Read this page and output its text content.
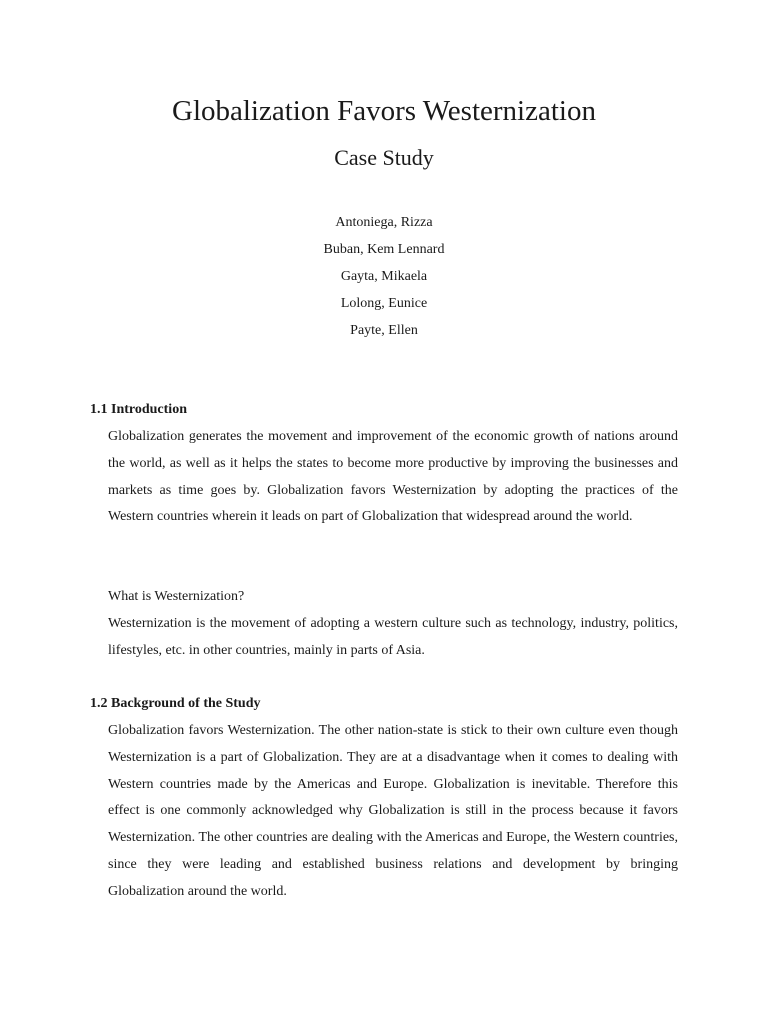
Globalization Favors Westernization
Case Study
Antoniega, Rizza
Buban, Kem Lennard
Gayta, Mikaela
Lolong, Eunice
Payte, Ellen
1.1 Introduction

Globalization generates the movement and improvement of the economic growth of nations around the world, as well as it helps the states to become more productive by improving the businesses and markets as time goes by. Globalization favors Westernization by adopting the practices of the Western countries wherein it leads on part of Globalization that widespread around the world.

What is Westernization?

Westernization is the movement of adopting a western culture such as technology, industry, politics, lifestyles, etc. in other countries, mainly in parts of Asia.

1.2 Background of the Study

Globalization favors Westernization. The other nation-state is stick to their own culture even though Westernization is a part of Globalization. They are at a disadvantage when it comes to dealing with Western countries made by the Americas and Europe. Globalization is inevitable. Therefore this effect is one commonly acknowledged why Globalization is still in the process because it favors Westernization. The other countries are dealing with the Americas and Europe, the Western countries, since they were leading and established business relations and development by bringing Globalization around the world.
